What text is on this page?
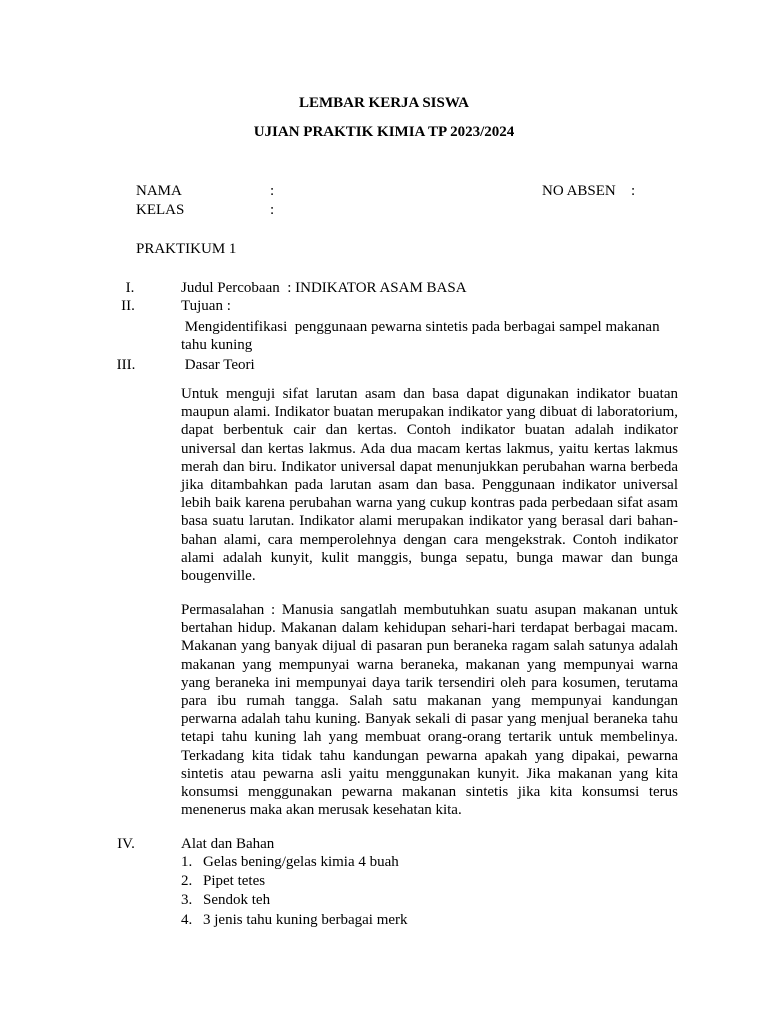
LEMBAR KERJA SISWA
UJIAN PRAKTIK KIMIA TP 2023/2024
NAMA	:	NO ABSEN :
KELAS	:
PRAKTIKUM 1
I.	Judul Percobaan : INDIKATOR ASAM BASA
II.	Tujuan :
Mengidentifikasi  penggunaan pewarna sintetis pada berbagai sampel makanan
tahu kuning
III.	Dasar Teori
Untuk menguji sifat larutan asam dan basa dapat digunakan indikator buatan maupun alami. Indikator buatan merupakan indikator yang dibuat di laboratorium, dapat berbentuk cair dan kertas. Contoh indikator buatan adalah indikator universal dan kertas lakmus. Ada dua macam kertas lakmus, yaitu kertas lakmus merah dan biru. Indikator universal dapat menunjukkan perubahan warna berbeda jika ditambahkan pada larutan asam dan basa. Penggunaan indikator universal lebih baik karena perubahan warna yang cukup kontras pada perbedaan sifat asam basa suatu larutan. Indikator alami merupakan indikator yang berasal dari bahan-bahan alami, cara memperolehnya dengan cara mengekstrak. Contoh indikator alami adalah kunyit, kulit manggis, bunga sepatu, bunga mawar dan bunga bougenville.
Permasalahan : Manusia sangatlah membutuhkan suatu asupan makanan untuk bertahan hidup. Makanan dalam kehidupan sehari-hari terdapat berbagai macam. Makanan yang banyak dijual di pasaran pun beraneka ragam salah satunya adalah makanan yang mempunyai warna beraneka, makanan yang mempunyai warna yang beraneka ini mempunyai daya tarik tersendiri oleh para kosumen, terutama para ibu rumah tangga. Salah satu makanan yang mempunyai kandungan perwarna adalah tahu kuning. Banyak sekali di pasar yang menjual beraneka tahu tetapi tahu kuning lah yang membuat orang-orang tertarik untuk membelinya. Terkadang kita tidak tahu kandungan pewarna apakah yang dipakai, pewarna sintetis atau pewarna asli yaitu menggunakan kunyit. Jika makanan yang kita konsumsi menggunakan pewarna makanan sintetis jika kita konsumsi terus menenerus maka akan merusak kesehatan kita.
IV.	Alat dan Bahan
1. Gelas bening/gelas kimia 4 buah
2. Pipet tetes
3. Sendok teh
4. 3 jenis tahu kuning berbagai merk
